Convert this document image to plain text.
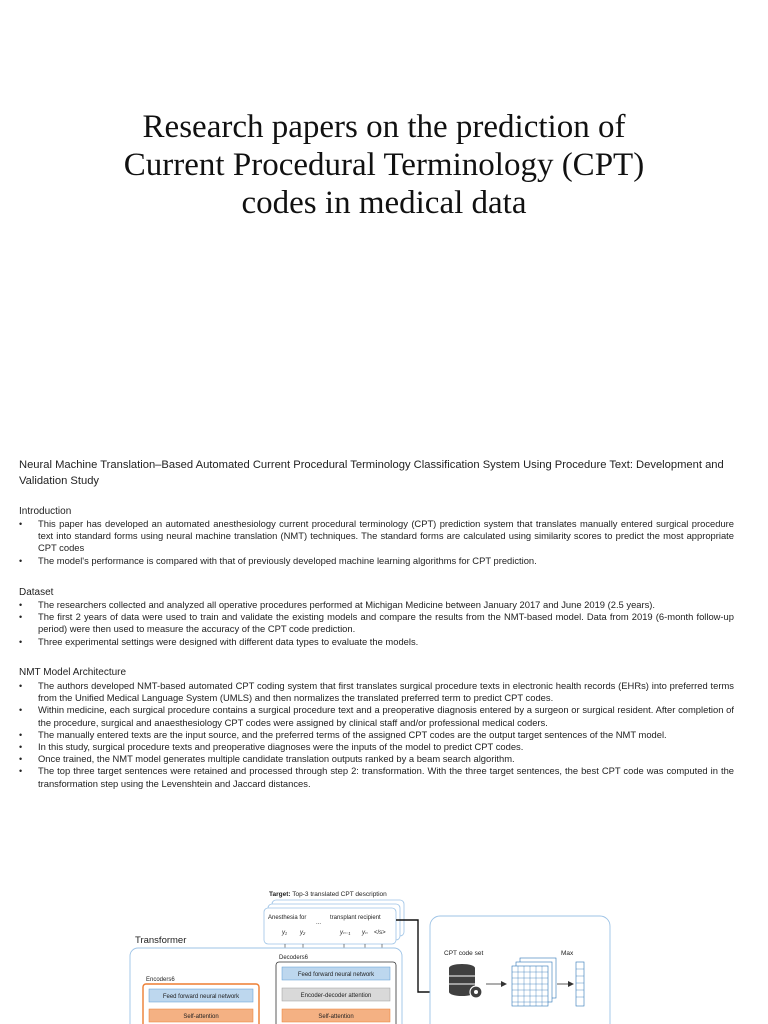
Research papers on the prediction of
Current Procedural Terminology (CPT)
codes in medical data
Neural Machine Translation–Based Automated Current Procedural Terminology Classification System Using Procedure Text: Development and Validation Study
Introduction
• This paper has developed an automated anesthesiology current procedural terminology (CPT) prediction system that translates manually entered surgical procedure text into standard forms using neural machine translation (NMT) techniques. The standard forms are calculated using similarity scores to predict the most appropriate CPT codes
• The model's performance is compared with that of previously developed machine learning algorithms for CPT prediction.
Dataset
• The researchers collected and analyzed all operative procedures performed at Michigan Medicine between January 2017 and June 2019 (2.5 years).
• The first 2 years of data were used to train and validate the existing models and compare the results from the NMT-based model. Data from 2019 (6-month follow-up period) were then used to measure the accuracy of the CPT code prediction.
• Three experimental settings were designed with different data types to evaluate the models.
NMT Model Architecture
• The authors developed NMT-based automated CPT coding system that first translates surgical procedure texts in electronic health records (EHRs) into preferred terms from the Unified Medical Language System (UMLS) and then normalizes the translated preferred term to predict CPT codes.
• Within medicine, each surgical procedure contains a surgical procedure text and a preoperative diagnosis entered by a surgeon or surgical resident. After completion of the procedure, surgical and anaesthesiology CPT codes were assigned by clinical staff and/or professional medical coders.
• The manually entered texts are the input source, and the preferred terms of the assigned CPT codes are the output target sentences of the NMT model.
• In this study, surgical procedure texts and preoperative diagnoses were the inputs of the model to predict CPT codes.
• Once trained, the NMT model generates multiple candidate translation outputs ranked by a beam search algorithm.
• The top three target sentences were retained and processed through step 2: transformation. With the three target sentences, the best CPT code was computed in the transformation step using the Levenshtein and Jaccard distances.
Target: Top-3 translated CPT description
Anesthesia for
...
transplant recipient
y₁ y₂	yₙ₋₁ yₙ </s>
Transformer
Decoders6
Feed forward neural network
Encoder-decoder attention
Self-attention
Encoders6
Feed forward neural network
Self-attention
CPT code set	Max
